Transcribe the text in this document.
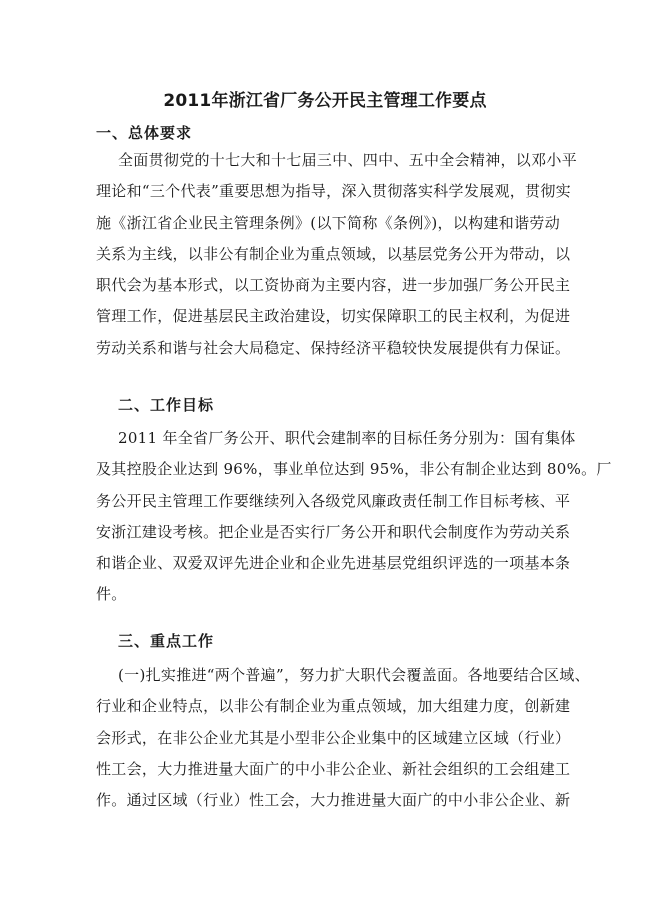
2011年浙江省厂务公开民主管理工作要点
一、总体要求
全面贯彻党的十七大和十七届三中、四中、五中全会精神，以邓小平
理论和“三个代表”重要思想为指导，深入贯彻落实科学发展观，贯彻实
施《浙江省企业民主管理条例》(以下简称《条例》)，以构建和谐劳动
关系为主线，以非公有制企业为重点领域，以基层党务公开为带动，以
职代会为基本形式，以工资协商为主要内容，进一步加强厂务公开民主
管理工作，促进基层民主政治建设，切实保障职工的民主权利，为促进
劳动关系和谐与社会大局稳定、保持经济平稳较快发展提供有力保证。
二、工作目标
2011 年全省厂务公开、职代会建制率的目标任务分别为：国有集体
及其控股企业达到 96%，事业单位达到 95%，非公有制企业达到 80%。厂
务公开民主管理工作要继续列入各级党风廉政责任制工作目标考核、平
安浙江建设考核。把企业是否实行厂务公开和职代会制度作为劳动关系
和谐企业、双爱双评先进企业和企业先进基层党组织评选的一项基本条
件。
三、重点工作
(一)扎实推进“两个普遍”，努力扩大职代会覆盖面。各地要结合区域、
行业和企业特点，以非公有制企业为重点领域，加大组建力度，创新建
会形式，在非公企业尤其是小型非公企业集中的区域建立区域（行业）
性工会，大力推进量大面广的中小非公企业、新社会组织的工会组建工
作。通过区域（行业）性工会，大力推进量大面广的中小非公企业、新
